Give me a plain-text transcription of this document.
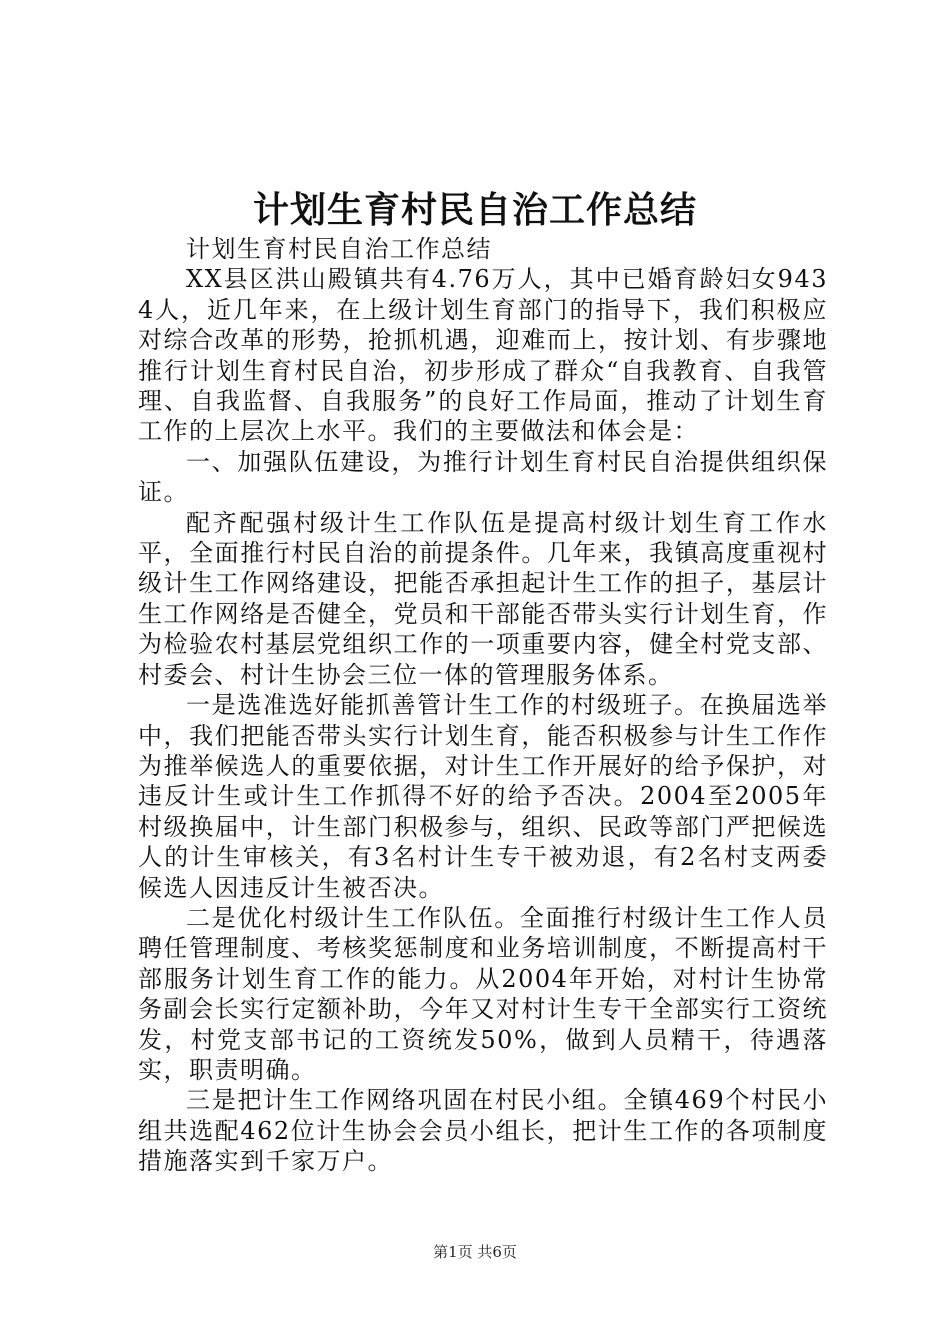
计划生育村民自治工作总结

计划生育村民自治工作总结

XX县区洪山殿镇共有4.76万人，其中已婚育龄妇女9434人，近几年来，在上级计划生育部门的指导下，我们积极应对综合改革的形势，抢抓机遇，迎难而上，按计划、有步骤地推行计划生育村民自治，初步形成了群众“自我教育、自我管理、自我监督、自我服务”的良好工作局面，推动了计划生育工作的上层次上水平。我们的主要做法和体会是：

一、加强队伍建设，为推行计划生育村民自治提供组织保证。

配齐配强村级计生工作队伍是提高村级计划生育工作水平，全面推行村民自治的前提条件。几年来，我镇高度重视村级计生工作网络建设，把能否承担起计生工作的担子，基层计生工作网络是否健全，党员和干部能否带头实行计划生育，作为检验农村基层党组织工作的一项重要内容，健全村党支部、村委会、村计生协会三位一体的管理服务体系。

一是选准选好能抓善管计生工作的村级班子。在换届选举中，我们把能否带头实行计划生育，能否积极参与计生工作作为推举候选人的重要依据，对计生工作开展好的给予保护，对违反计生或计生工作抓得不好的给予否决。2004至2005年村级换届中，计生部门积极参与，组织、民政等部门严把候选人的计生审核关，有3名村计生专干被劝退，有2名村支两委候选人因违反计生被否决。

二是优化村级计生工作队伍。全面推行村级计生工作人员聘任管理制度、考核奖惩制度和业务培训制度，不断提高村干部服务计划生育工作的能力。从2004年开始，对村计生协常务副会长实行定额补助，今年又对村计生专干全部实行工资统发，村党支部书记的工资统发50%，做到人员精干，待遇落实，职责明确。

三是把计生工作网络巩固在村民小组。全镇469个村民小组共选配462位计生协会会员小组长，把计生工作的各项制度措施落实到千家万户。

第1页 共6页
